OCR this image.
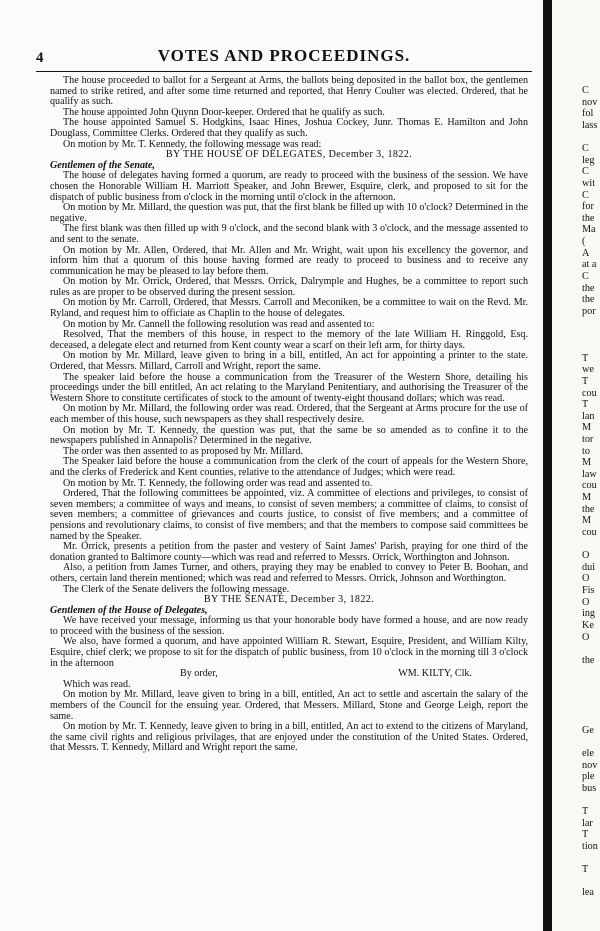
4	VOTES AND PROCEEDINGS.

The house proceeded to ballot for a Sergeant at Arms, the ballots being deposited in the ballot box, the gentlemen named to strike retired, and after some time returned and reported, that Henry Coulter was elected. Ordered, that he qualify as such.

The house appointed John Quynn Door-keeper. Ordered that he qualify as such.

The house appointed Samuel S. Hodgkins, Isaac Hines, Joshua Cockey, Junr. Thomas E. Hamilton and John Douglass, Committee Clerks. Ordered that they qualify as such.

On motion by Mr. T. Kennedy, the following message was read:

BY THE HOUSE OF DELEGATES, December 3, 1822.

Gentlemen of the Senate,

The house of delegates having formed a quorum, are ready to proceed with the business of the session. We have chosen the Honorable William H. Marriott Speaker, and John Brewer, Esquire, clerk, and proposed to sit for the dispatch of public business from o'clock in the morning until o'clock in the afternoon.

On motion by Mr. Millard, the question was put, that the first blank be filled up with 10 o'clock? Determined in the negative.

The first blank was then filled up with 9 o'clock, and the second blank with 3 o'clock, and the message assented to and sent to the senate.

On motion by Mr. Allen, Ordered, that Mr. Allen and Mr. Wright, wait upon his excellency the governor, and inform him that a quorum of this house having formed are ready to proceed to business and to receive any communication he may be pleased to lay before them.

On motion by Mr. Orrick, Ordered, that Messrs. Orrick, Dalrymple and Hughes, be a committee to report such rules as are proper to be observed during the present session.

On motion by Mr. Carroll, Ordered, that Messrs. Carroll and Meconiken, be a committee to wait on the Revd. Mr. Ryland, and request him to officiate as Chaplin to the house of delegates.

On motion by Mr. Cannell the following resolution was read and assented to:

Resolved, That the members of this house, in respect to the memory of the late William H. Ringgold, Esq. deceased, a delegate elect and returned from Kent county wear a scarf on their left arm, for thirty days.

On motion by Mr. Millard, leave given to bring in a bill, entitled, An act for appointing a printer to the state. Ordered, that Messrs. Millard, Carroll and Wright, report the same.

The speaker laid before the house a communication from the Treasurer of the Western Shore, detailing his proceedings under the bill entitled, An act relating to the Maryland Penitentiary, and authorising the Treasurer of the Western Shore to constitute certificates of stock to the amount of twenty-eight thousand dollars; which was read.

On motion by Mr. Millard, the following order was read. Ordered, that the Sergeant at Arms procure for the use of each member of this house, such newspapers as they shall respectively desire.

On motion by Mr. T. Kennedy, the question was put, that the same be so amended as to confine it to the newspapers published in Annapolis? Determined in the negative.

The order was then assented to as proposed by Mr. Millard.

The Speaker laid before the house a communication from the clerk of the court of appeals for the Western Shore, and the clerks of Frederick and Kent counties, relative to the attendance of Judges; which were read.

On motion by Mr. T. Kennedy, the following order was read and assented to.

Ordered, That the following committees be appointed, viz. A committee of elections and privileges, to consist of seven members; a committee of ways and means, to consist of seven members; a committee of claims, to consist of seven members; a committee of grievances and courts justice, to consist of five members; and a committee of pensions and revolutionary claims, to consist of five members; and that the members to compose said committees be named by the Speaker.

Mr. Orrick, presents a petition from the paster and vestery of Saint James' Parish, praying for one third of the donation granted to Baltimore county—which was read and referred to Messrs. Orrick, Worthington and Johnson.

Also, a petition from James Turner, and others, praying they may be enabled to convey to Peter B. Boohan, and others, certain land therein mentioned; which was read and referred to Messrs. Orrick, Johnson and Worthington.

The Clerk of the Senate delivers the following message.

BY THE SENATE, December 3, 1822.

Gentlemen of the House of Delegates,

We have received your message, informing us that your honorable body have formed a house, and are now ready to proceed with the business of the session.

We also, have formed a quorum, and have appointed William R. Stewart, Esquire, President, and William Kilty, Esquire, chief clerk; we propose to sit for the dispatch of public business, from 10 o'clock in the morning till 3 o'clock in the afternoon

By order,	WM. KILTY, Clk.

Which was read.

On motion by Mr. Millard, leave given to bring in a bill, entitled, An act to settle and ascertain the salary of the members of the Council for the ensuing year. Ordered, that Messers. Millard, Stone and George Leigh, report the same.

On motion by Mr. T. Kennedy, leave given to bring in a bill, entitled, An act to extend to the citizens of Maryland, the same civil rights and religious privilages, that are enjoyed under the constitution of the United States. Ordered, that Messrs. T. Kennedy, Millard and Wright report the same.

C
nov
fol
lass
C
leg
C
wit
C
for
the
Ma
(
A
at a
C
the
the
por
T
we
T
cou
T
lan
M
tor
to
M
law
cou
M
the
M
cou
O
dui
O
Fis
O
ing
Ke
O
the
Ge
ele
nov
ple
bus
T
lar
T
tion
T
lea
